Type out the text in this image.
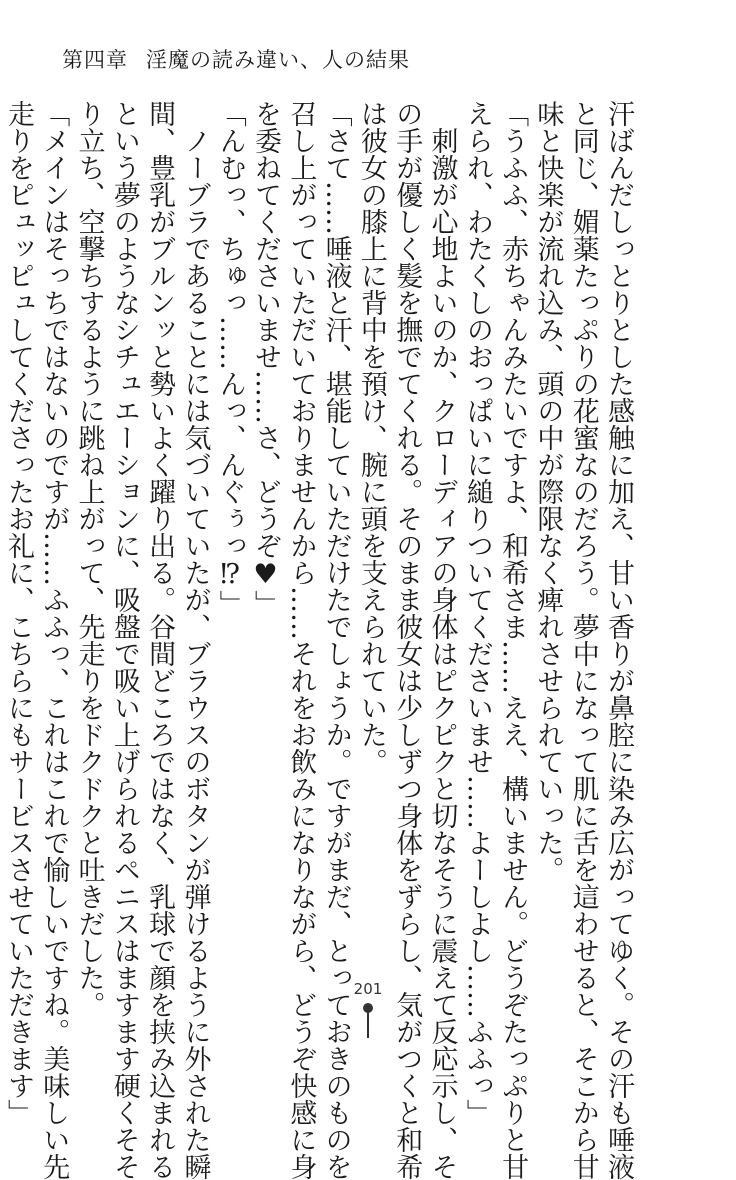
第四章 淫魔の読み違い、人の結果
汗ばんだしっとりとした感触に加え、甘い香りが鼻腔に染み広がってゆく。その汗も唾液
と同じ、媚薬たっぷりの花蜜なのだろう。夢中になって肌に舌を這わせると、そこから甘
味と快楽が流れ込み、頭の中が際限なく痺れさせられていった。
「うふふ、赤ちゃんみたいですよ、和希さま……ええ、構いません。どうぞたっぷりと甘
えられ、わたくしのおっぱいに縋りついてくださいませ……よーしよし……ふふっ」
　刺激が心地よいのか、クローディアの身体はピクピクと切なそうに震えて反応示し、そ
の手が優しく髪を撫でてくれる。そのまま彼女は少しずつ身体をずらし、気がつくと和希
は彼女の膝上に背中を預け、腕に頭を支えられていた。
「さて……唾液と汗、堪能していただけたでしょうか。ですがまだ、とっておきのものを
召し上がっていただいておりませんから……それをお飲みになりながら、どうぞ快感に身
を委ねてくださいませ……さ、どうぞ♥」
「んむっ、ちゅっ……んっ、んぐぅっ⁉」
　ノーブラであることには気づいていたが、ブラウスのボタンが弾けるように外された瞬
間、豊乳がブルンッと勢いよく躍り出る。谷間どころではなく、乳球で顔を挟み込まれる
という夢のようなシチュエーションに、吸盤で吸い上げられるペニスはますます硬くそそ
り立ち、空撃ちするように跳ね上がって、先走りをドクドクと吐きだした。
「メインはそっちではないのですが……ふふっ、これはこれで愉しいですね。美味しい先
走りをピュッピュしてくださったお礼に、こちらにもサービスさせていただきます」	201
